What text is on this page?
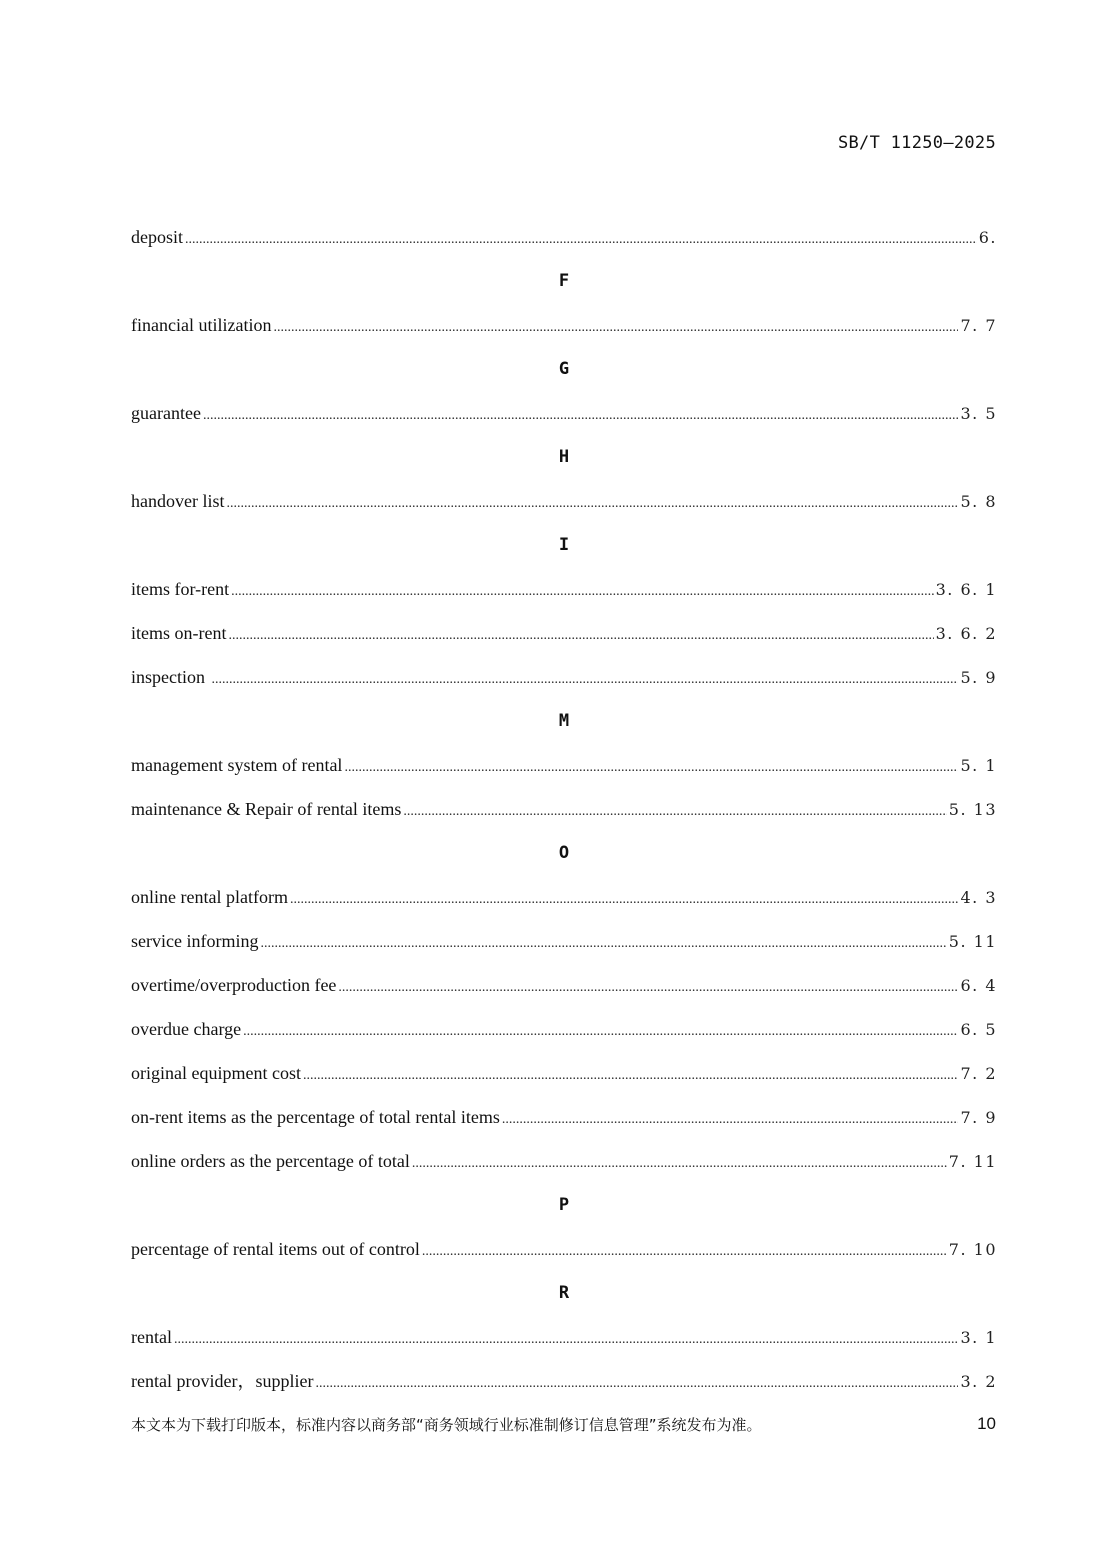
SB/T 11250—2025
deposit .....	6.
F
financial utilization .....	7. 7
G
guarantee .....	3. 5
H
handover list .....	5. 8
I
items for-rent .....	3. 6. 1
items on-rent .....	3. 6. 2
inspection .....	5. 9
M
management system of rental .....	5. 1
maintenance & Repair of rental items .....	5. 13
O
online rental platform .....	4. 3
service informing .....	5. 11
overtime/overproduction fee .....	6. 4
overdue charge .....	6. 5
original equipment cost .....	7. 2
on-rent items as the percentage of total rental items .....	7. 9
online orders as the percentage of total .....	7. 11
P
percentage of rental items out of control .....	7. 10
R
rental .....	3. 1
rental provider，supplier .....	3. 2
本文本为下载打印版本，标准内容以商务部“商务领域行业标准制修订信息管理”系统发布为准。	10
